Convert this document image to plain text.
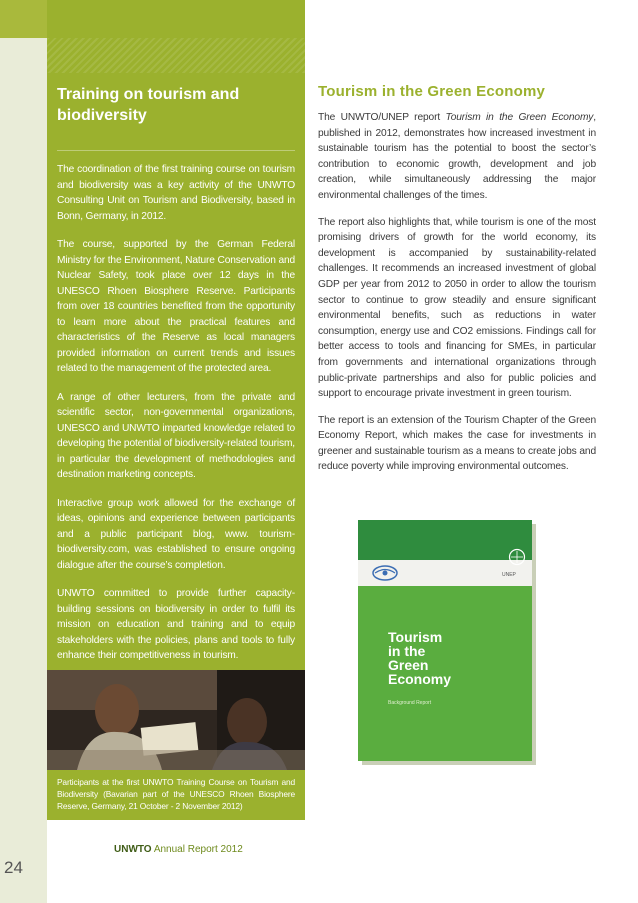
Training on tourism and biodiversity

The coordination of the first training course on tourism and biodiversity was a key activity of the UNWTO Consulting Unit on Tourism and Biodiversity, based in Bonn, Germany, in 2012.

The course, supported by the German Federal Ministry for the Environment, Nature Conservation and Nuclear Safety, took place over 12 days in the UNESCO Rhoen Biosphere Reserve. Participants from over 18 countries benefited from the opportunity to learn more about the practical features and characteristics of the Reserve as local managers provided information on current trends and issues related to the management of the protected area.

A range of other lecturers, from the private and scientific sector, non-governmental organizations, UNESCO and UNWTO imparted knowledge related to developing the potential of biodiversity-related tourism, in particular the development of methodologies and destination marketing concepts.

Interactive group work allowed for the exchange of ideas, opinions and experience between participants and a public participant blog, www. tourism-biodiversity.com, was established to ensure ongoing dialogue after the course’s completion.

UNWTO committed to provide further capacity-building sessions on biodiversity in order to fulfil its mission on education and training and to equip stakeholders with the policies, plans and tools to fully enhance their competitiveness in tourism.

Participants at the first UNWTO Training Course on Tourism and Biodiversity (Bavarian part of the UNESCO Rhoen Biosphere Reserve, Germany, 21 October - 2 November 2012)
Tourism in the Green Economy

The UNWTO/UNEP report Tourism in the Green Economy, published in 2012, demonstrates how increased investment in sustainable tourism has the potential to boost the sector’s contribution to economic growth, development and job creation, while simultaneously addressing the major environmental challenges of the times.

The report also highlights that, while tourism is one of the most promising drivers of growth for the world economy, its development is accompanied by sustainability-related challenges. It recommends an increased investment of global GDP per year from 2012 to 2050 in order to allow the tourism sector to continue to grow steadily and ensure significant environmental benefits, such as reductions in water consumption, energy use and CO2 emissions. Findings call for better access to tools and financing for SMEs, in particular from governments and international organizations through public-private partnerships and also for public policies and support to encourage private investment in green tourism.

The report is an extension of the Tourism Chapter of the Green Economy Report, which makes the case for investments in greener and sustainable tourism as a means to create jobs and reduce poverty while improving environmental outcomes.

UNEP
Tourism
in the
Green
Economy
Background Report
UNWTO Annual Report 2012
24
